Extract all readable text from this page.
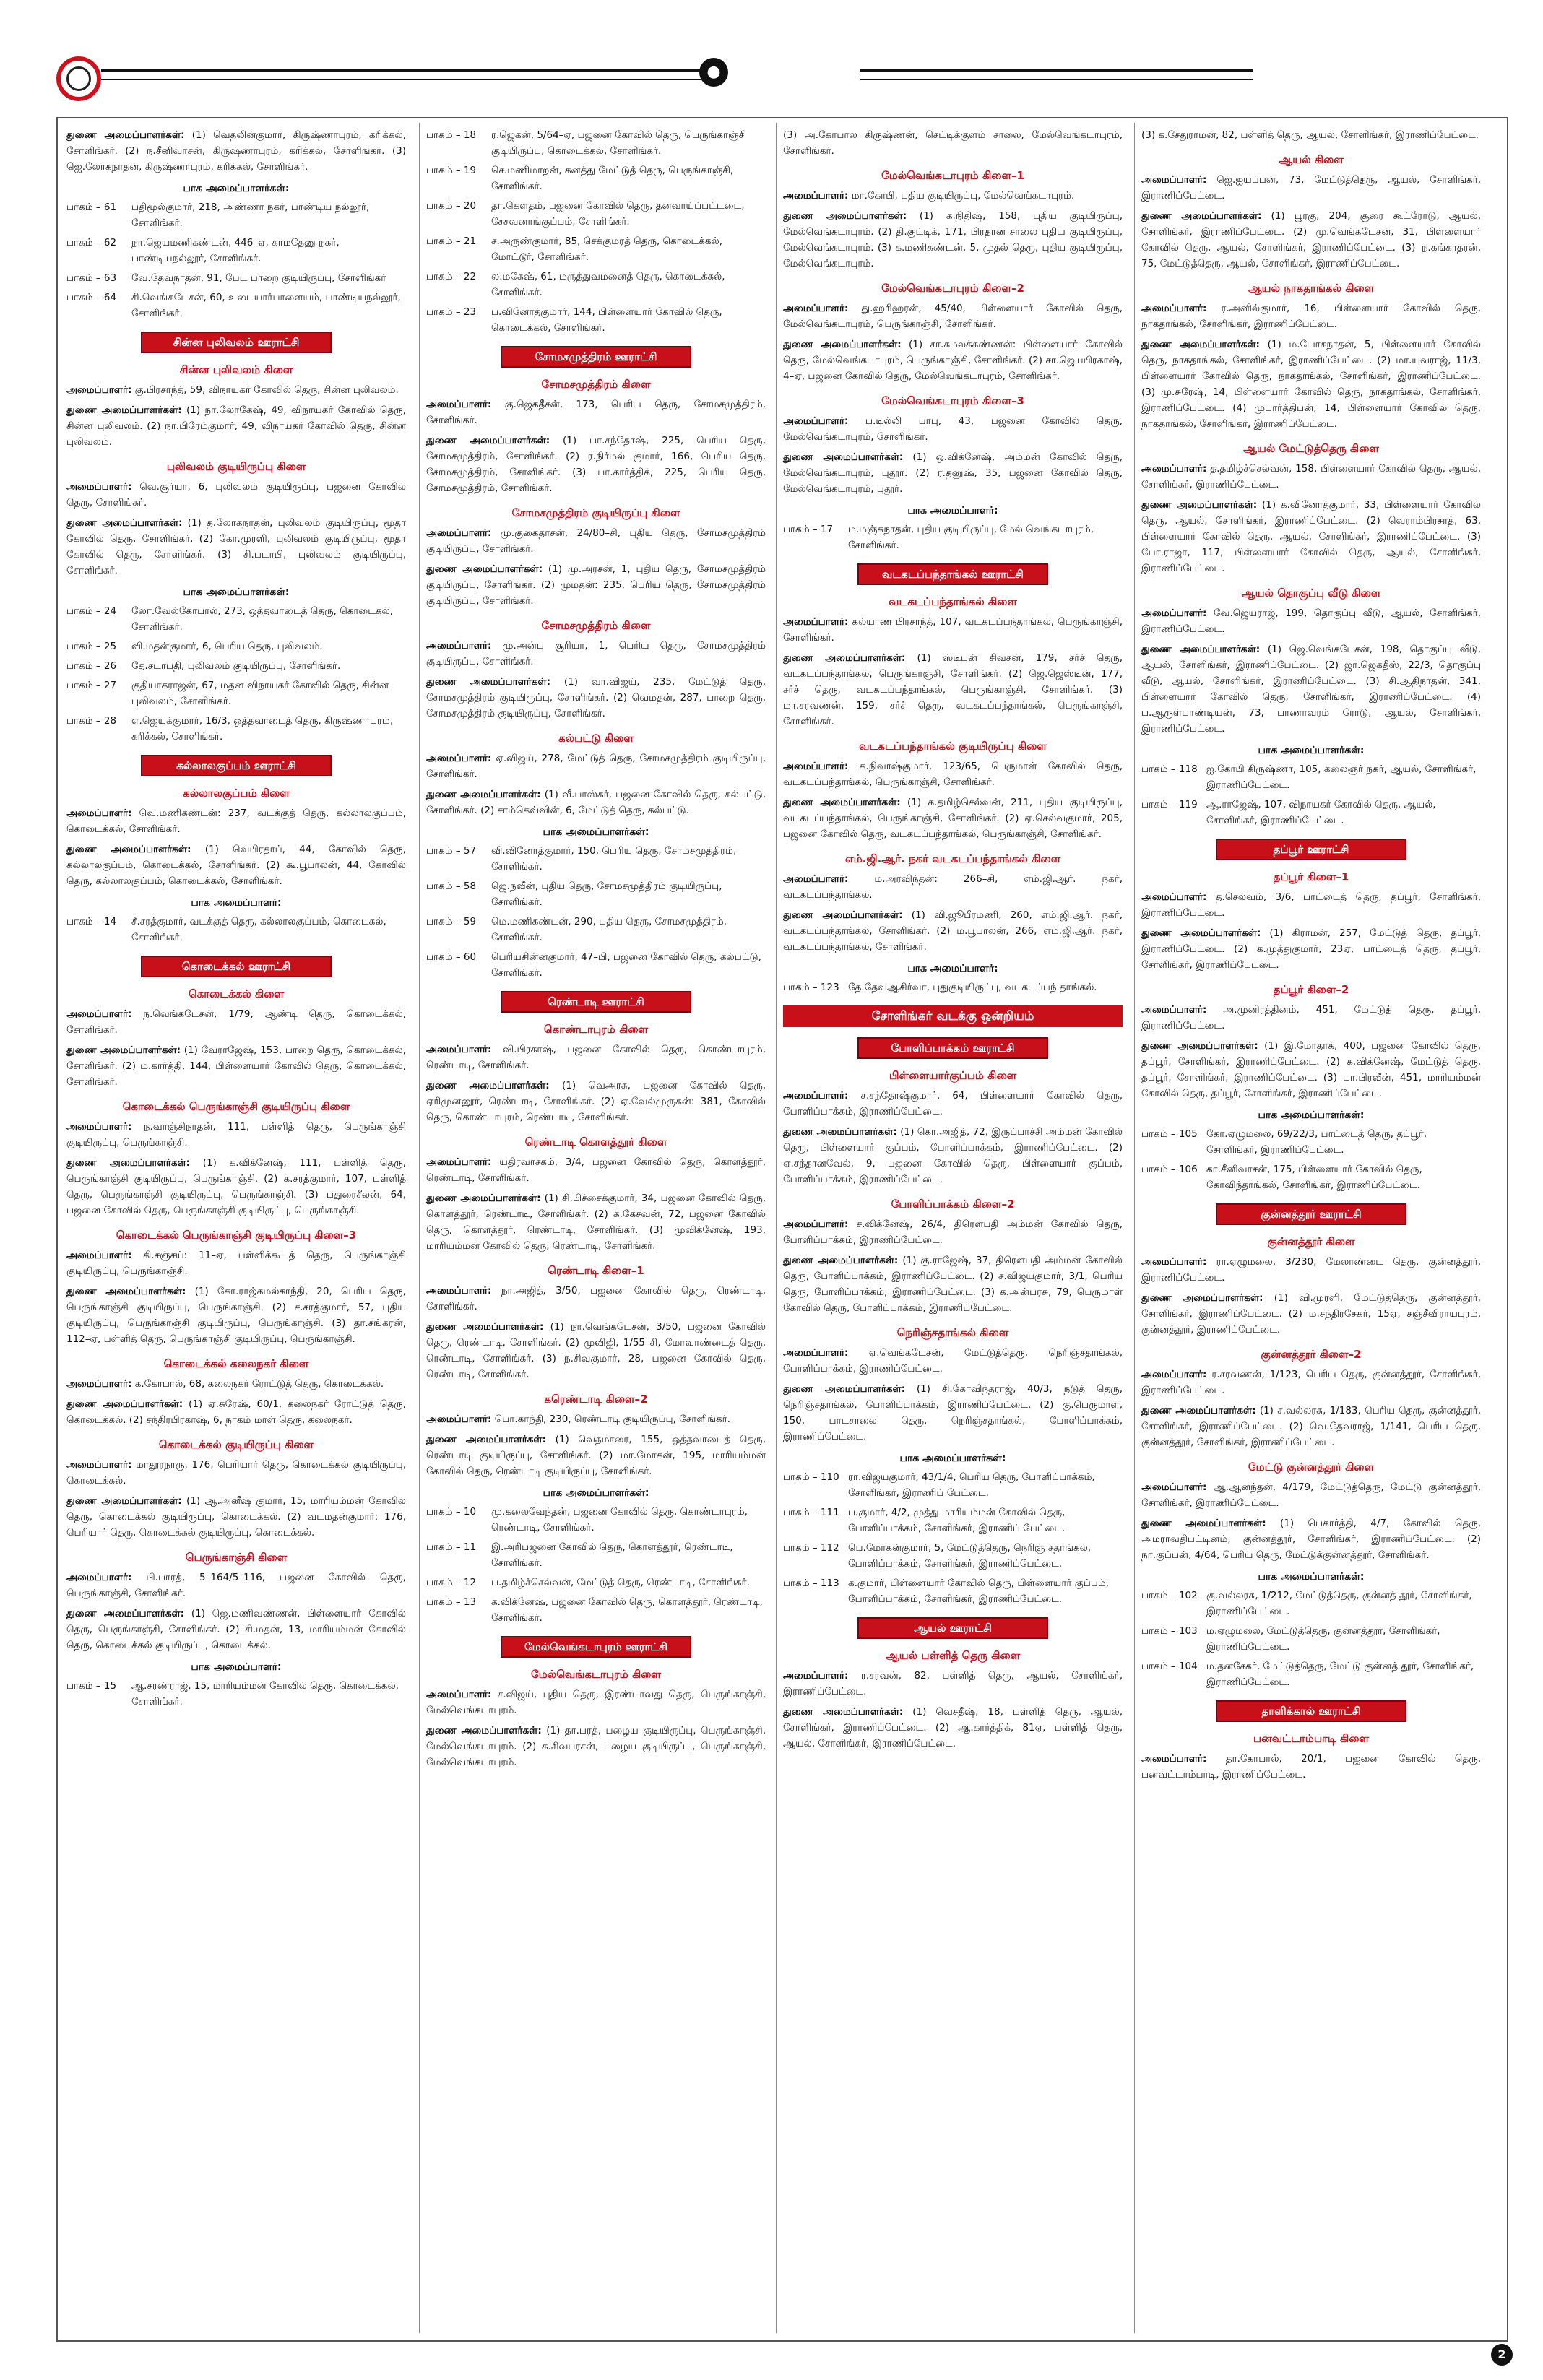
●
துணை அமைப்பாளர்கள்: (1) வெதலின்குமார், கிருஷ்ணாபுரம், கரிக்கல், சோளிங்கர். (2) ந.சீனிவாசன், கிருஷ்ணாபுரம், கரிக்கல், சோளிங்கர். (3) ஜெ.லோகநாதன், கிருஷ்ணாபுரம், கரிக்கல், சோளிங்கர்.
பாக அமைப்பாளர்கள்:
பாகம் – 61	பதிமூல்குமார், 218, அண்ணா நகர், பாண்டிய நல்லூர், சோளிங்கர்.
பாகம் – 62	நா.ஜெயமணிகண்டன், 446–ஏ, காமதேனு நகர், பாண்டியநல்லூர், சோளிங்கர்.
பாகம் – 63	வே.தேவநாதன், 91, பேட பாறை குடியிருப்பு, சோளிங்கர்
பாகம் – 64	சி.வெங்கடேசன், 60, உடையார்பாளையம், பாண்டியநல்லூர், சோளிங்கர்.
சின்ன புலிவலம் ஊராட்சி
சின்ன புலிவலம் கிளை
அமைப்பாளர்: கு.பிரசாந்த், 59, விநாயகர் கோவில் தெரு, சின்ன புலிவலம்.
துணை அமைப்பாளர்கள்: (1) நா.லோகேஷ், 49, விநாயகர் கோவில் தெரு, சின்ன புலிவலம். (2) நா.பிரேம்குமார், 49, விநாயகர் கோவில் தெரு, சின்ன புலிவலம்.
புலிவலம் குடியிருப்பு கிளை
அமைப்பாளர்: வெ.சூர்யா, 6, புலிவலம் குடியிருப்பு, பஜனை கோவில் தெரு, சோளிங்கர்.
துணை அமைப்பாளர்கள்: (1) த.லோகநாதன், புலிவலம் குடியிருப்பு, மூதா கோவில் தெரு, சோளிங்கர். (2) கோ.முரளி, புலிவலம் குடியிருப்பு, மூதா கோவில் தெரு, சோளிங்கர். (3) சி.படாபி, புலிவலம் குடியிருப்பு, சோளிங்கர்.
பாக அமைப்பாளர்கள்:
பாகம் – 24	லோ.வேல்கோபால், 273, ஒத்தவாடைத் தெரு, கொடைகல், சோளிங்கர்.
பாகம் – 25	வி.மதன்குமார், 6, பெரிய தெரு, புலிவலம்.
பாகம் – 26	தே.சடாபதி, புலிவலம் குடியிருப்பு, சோளிங்கர்.
பாகம் – 27	குதியாகராஜன், 67, மதன விநாயகர் கோவில் தெரு, சின்ன புலிவலம், சோளிங்கர்.
பாகம் – 28	எ.ஜெயக்குமார், 16/3, ஒத்தவாடைத் தெரு, கிருஷ்ணாபுரம், கரிக்கல், சோளிங்கர்.
கல்லாலகுப்பம் ஊராட்சி
கல்லாலகுப்பம் கிளை
அமைப்பாளர்: வெ.மணிகண்டன்: 237, வடக்குத் தெரு, கல்லாலகுப்பம், கொடைக்கல், சோளிங்கர்.
துணை அமைப்பாளர்கள்: (1) வெபிரதாப், 44, கோவில் தெரு, கல்லாலகுப்பம், கொடைக்கல், சோளிங்கர். (2) கூ.பூபாலன், 44, கோவில் தெரு, கல்லாலகுப்பம், கொடைக்கல், சோளிங்கர்.
பாக அமைப்பாளர்:
பாகம் – 14	சீ.சரத்குமார், வடக்குத் தெரு, கல்லாலகுப்பம், கொடைகல், சோளிங்கர்.
கொடைக்கல் ஊராட்சி
கொடைக்கல் கிளை
அமைப்பாளர்: ந.வெங்கடேசன், 1/79, ஆண்டி தெரு, கொடைக்கல், சோளிங்கர்.
துணை அமைப்பாளர்கள்: (1) வேராஜேஷ், 153, பாறை தெரு, கொடைக்கல், சோளிங்கர். (2) ம.கார்த்தி, 144, பிள்ளையார் கோவில் தெரு, கொடைக்கல், சோளிங்கர்.
கொடைக்கல் பெருங்காஞ்சி குடியிருப்பு கிளை
அமைப்பாளர்: ந.வாஞ்சிநாதன், 111, பள்ளித் தெரு, பெருங்காஞ்சி குடியிருப்பு, பெருங்காஞ்சி.
துணை அமைப்பாளர்கள்: (1) க.விக்னேஷ், 111, பள்ளித் தெரு, பெருங்காஞ்சி குடியிருப்பு, பெருங்காஞ்சி. (2) க.சரத்குமார், 107, பள்ளித் தெரு, பெருங்காஞ்சி குடியிருப்பு, பெருங்காஞ்சி. (3) பதுரைசீலன், 64, பஜனை கோவில் தெரு, பெருங்காஞ்சி குடியிருப்பு, பெருங்காஞ்சி.
கொடைக்கல் பெருங்காஞ்சி குடியிருப்பு கிளை–3
அமைப்பாளர்: கி.சஞ்சய்: 11–ஏ, பள்ளிக்கூடத் தெரு, பெருங்காஞ்சி குடியிருப்பு, பெருங்காஞ்சி.
துணை அமைப்பாளர்கள்: (1) கோ.ராஜ்கமல்காந்தி, 20, பெரிய தெரு, பெருங்காஞ்சி குடியிருப்பு, பெருங்காஞ்சி. (2) ச.சரத்குமார், 57, புதிய குடியிருப்பு, பெருங்காஞ்சி குடியிருப்பு, பெருங்காஞ்சி. (3) தா.சங்கரன், 112–ஏ, பள்ளித் தெரு, பெருங்காஞ்சி குடியிருப்பு, பெருங்காஞ்சி.
கொடைக்கல் கலைநகர் கிளை
அமைப்பாளர்: க.கோபால், 68, கலைநகர் ரோட்டுத் தெரு, கொடைக்கல்.
துணை அமைப்பாளர்கள்: (1) ஏ.சுரேஷ், 60/1, கலைநகர் ரோட்டுத் தெரு, கொடைக்கல். (2) சந்திரபிரகாஷ், 6, நாகம் மாள் தெரு, கலைநகர்.
கொடைக்கல் குடியிருப்பு கிளை
அமைப்பாளர்: மாதூரநாரு, 176, பெரியார் தெரு, கொடைக்கல் குடியிருப்பு, கொடைக்கல்.
துணை அமைப்பாளர்கள்: (1) ஆ.அனீஷ் குமார், 15, மாரியம்மன் கோவில் தெரு, கொடைக்கல் குடியிருப்பு, கொடைக்கல். (2) வடமதன்குமார்: 176, பெரியார் தெரு, கொடைக்கல் குடியிருப்பு, கொடைக்கல்.
பெருங்காஞ்சி கிளை
அமைப்பாளர்: பி.பாரத், 5–164/5–116, பஜனை கோவில் தெரு, பெருங்காஞ்சி, சோளிங்கர்.
துணை அமைப்பாளர்கள்: (1) ஜெ.மணிவண்ணன், பிள்ளையார் கோவில் தெரு, பெருங்காஞ்சி, சோளிங்கர். (2) சி.மதன், 13, மாரியம்மன் கோவில் தெரு, கொடைக்கல் குடியிருப்பு, கொடைக்கல்.
பாக அமைப்பாளர்:
பாகம் – 15	ஆ.சரண்ராஜ், 15, மாரியம்மன் கோவில் தெரு, கொடைக்கல், சோளிங்கர்.
பாகம் – 18	ர.ஜெகன், 5/64–ஏ, பஜனை கோவில் தெரு, பெருங்காஞ்சி குடியிருப்பு, கொடைக்கல், சோளிங்கர்.
பாகம் – 19	செ.மணிமாறன், கனத்து மேட்டுத் தெரு, பெருங்காஞ்சி, சோளிங்கர்.
பாகம் – 20	தா.கௌதம், பஜனை கோவில் தெரு, தனவாய்ப்பட்டடை, சேசவனாங்குப்பம், சோளிங்கர்.
பாகம் – 21	ச.அருண்குமார், 85, செக்குமரத் தெரு, கொடைக்கல், மோட்டூர், சோளிங்கர்.
பாகம் – 22	ல.மகேஷ், 61, மருத்துவமனைத் தெரு, கொடைக்கல், சோளிங்கர்.
பாகம் – 23	ப.வினோத்குமார், 144, பிள்ளையார் கோவில் தெரு, கொடைக்கல், சோளிங்கர்.
சோமசமுத்திரம் ஊராட்சி
சோமசமுத்திரம் கிளை
அமைப்பாளர்: கு.ஜெகதீசன், 173, பெரிய தெரு, சோமசமுத்திரம், சோளிங்கர்.
துணை அமைப்பாளர்கள்: (1) பா.சந்தோஷ், 225, பெரிய தெரு, சோமசமுத்திரம், சோளிங்கர். (2) ர.நிர்மல் குமார், 166, பெரிய தெரு, சோமசமுத்திரம், சோளிங்கர். (3) பா.கார்த்திக், 225, பெரிய தெரு, சோமசமுத்திரம், சோளிங்கர்.
சோமசமுத்திரம் குடியிருப்பு கிளை
அமைப்பாளர்: மு.குகைதாசன், 24/80–சி, புதிய தெரு, சோமசமுத்திரம் குடியிருப்பு, சோளிங்கர்.
துணை அமைப்பாளர்கள்: (1) மு.அரசன், 1, புதிய தெரு, சோமசமுத்திரம் குடியிருப்பு, சோளிங்கர். (2) முமதன்: 235, பெரிய தெரு, சோமசமுத்திரம் குடியிருப்பு, சோளிங்கர்.
சோமசமுத்திரம் கிளை
அமைப்பாளர்: மு.அன்பு சூரியா, 1, பெரிய தெரு, சோமசமுத்திரம் குடியிருப்பு, சோளிங்கர்.
துணை அமைப்பாளர்கள்: (1) வா.விஜய், 235, மேட்டுத் தெரு, சோமசமுத்திரம் குடியிருப்பு, சோளிங்கர். (2) வெமதன், 287, பாறை தெரு, சோமசமுத்திரம் குடியிருப்பு, சோளிங்கர்.
கல்பட்டு கிளை
அமைப்பாளர்: ஏ.விஜய், 278, மேட்டுத் தெரு, சோமசமுத்திரம் குடியிருப்பு, சோளிங்கர்.
துணை அமைப்பாளர்கள்: (1) வீ.பாஸ்கர், பஜனை கோவில் தெரு, கல்பட்டு, சோளிங்கர். (2) சாம்கெவ்வின், 6, மேட்டுத் தெரு, கல்பட்டு.
பாக அமைப்பாளர்கள்:
பாகம் – 57	வி.வினோத்குமார், 150, பெரிய தெரு, சோமசமுத்திரம், சோளிங்கர்.
பாகம் – 58	ஜெ.நவீன், புதிய தெரு, சோமசமுத்திரம் குடியிருப்பு, சோளிங்கர்.
பாகம் – 59	மெ.மணிகண்டன், 290, புதிய தெரு, சோமசமுத்திரம், சோளிங்கர்.
பாகம் – 60	பெரியசின்னகுமார், 47–பி, பஜனை கோவில் தெரு, கல்பட்டு, சோளிங்கர்.
ரெண்டாடி ஊராட்சி
கொண்டாபுரம் கிளை
அமைப்பாளர்: வி.பிரகாஷ், பஜனை கோவில் தெரு, கொண்டாபுரம், ரெண்டாடி, சோளிங்கர்.
துணை அமைப்பாளர்கள்: (1) வெஅரசு, பஜனை கோவில் தெரு, ஏரிமுனனூர், ரெண்டாடி, சோளிங்கர். (2) ஏ.வேல்முருகன்: 381, கோவில் தெரு, கொண்டாபுரம், ரெண்டாடி, சோளிங்கர்.
ரெண்டாடி கொளத்தூர் கிளை
அமைப்பாளர்: யதிரவாசகம், 3/4, பஜனை கோவில் தெரு, கொளத்தூர், ரெண்டாடி, சோளிங்கர்.
துணை அமைப்பாளர்கள்: (1) சி.பிச்சைக்குமார், 34, பஜனை கோவில் தெரு, கொளத்தூர், ரெண்டாடி, சோளிங்கர். (2) க.கேசவன், 72, பஜனை கோவில் தெரு, கொளத்தூர், ரெண்டாடி, சோளிங்கர். (3) முவிக்னேஷ், 193, மாரியம்மன் கோவில் தெரு, ரெண்டாடி, சோளிங்கர்.
ரெண்டாடி கிளை–1
அமைப்பாளர்: நா.அஜித், 3/50, பஜனை கோவில் தெரு, ரெண்டாடி, சோளிங்கர்.
துணை அமைப்பாளர்கள்: (1) நா.வெங்கடேசன், 3/50, பஜனை கோவில் தெரு, ரெண்டாடி, சோளிங்கர். (2) முவிஜி, 1/55–சி, மோவாண்டைத் தெரு, ரெண்டாடி, சோளிங்கர். (3) ந.சிவகுமார், 28, பஜனை கோவில் தெரு, ரெண்டாடி, சோளிங்கர்.
கரெண்டாடி கிளை–2
அமைப்பாளர்: பொ.காந்தி, 230, ரெண்டாடி குடியிருப்பு, சோளிங்கர்.
துணை அமைப்பாளர்கள்: (1) வெதமாரை, 155, ஒத்தவாடைத் தெரு, ரெண்டாடி குடியிருப்பு, சோளிங்கர். (2) மா.மோகன், 195, மாரியம்மன் கோவில் தெரு, ரெண்டாடி குடியிருப்பு, சோளிங்கர்.
பாக அமைப்பாளர்கள்:
பாகம் – 10	மு.கலைவேந்தன், பஜனை கோவில் தெரு, கொண்டாபுரம், ரெண்டாடி, சோளிங்கர்.
பாகம் – 11	இ.அரிபஜனை கோவில் தெரு, கொளத்தூர், ரெண்டாடி, சோளிங்கர்.
பாகம் – 12	ப.தமிழ்ச்செல்வன், மேட்டுத் தெரு, ரெண்டாடி, சோளிங்கர்.
பாகம் – 13	க.விக்னேஷ், பஜனை கோவில் தெரு, கொளத்தூர், ரெண்டாடி, சோளிங்கர்.
மேல்வெங்கடாபுரம் ஊராட்சி
மேல்வெங்கடாபுரம் கிளை
அமைப்பாளர்: ச.விஜய், புதிய தெரு, இரண்டாவது தெரு, பெருங்காஞ்சி, மேல்வெங்கடாபுரம்.
துணை அமைப்பாளர்கள்: (1) தா.பரத், பழைய குடியிருப்பு, பெருங்காஞ்சி, மேல்வெங்கடாபுரம். (2) க.சிவபரசன், பழைய குடியிருப்பு, பெருங்காஞ்சி, மேல்வெங்கடாபுரம்.
(3) அ.கோபால கிருஷ்ணன், செட்டிக்குளம் சாலை, மேல்வெங்கடாபுரம், சோளிங்கர்.
மேல்வெங்கடாபுரம் கிளை–1
அமைப்பாளர்: மா.கோபி, புதிய குடியிருப்பு, மேல்வெங்கடாபுரம்.
துணை அமைப்பாளர்கள்: (1) க.நிதிஷ், 158, புதிய குடியிருப்பு, மேல்வெங்கடாபுரம். (2) தி.குட்டிக், 171, பிரதான சாலை புதிய குடியிருப்பு, மேல்வெங்கடாபுரம். (3) க.மணிகண்டன், 5, முதல் தெரு, புதிய குடியிருப்பு, மேல்வெங்கடாபுரம்.
மேல்வெங்கடாபுரம் கிளை–2
அமைப்பாளர்: து.ஹரிஹரன், 45/40, பிள்ளையார் கோவில் தெரு, மேல்வெங்கடாபுரம், பெருங்காஞ்சி, சோளிங்கர்.
துணை அமைப்பாளர்கள்: (1) சா.கமலக்கண்ணன்: பிள்ளையார் கோவில் தெரு, மேல்வெங்கடாபுரம், பெருங்காஞ்சி, சோளிங்கர். (2) சா.ஜெயபிரகாஷ், 4–ஏ, பஜனை கோவில் தெரு, மேல்வெங்கடாபுரம், சோளிங்கர்.
மேல்வெங்கடாபுரம் கிளை–3
அமைப்பாளர்: ப.டில்லி பாபு, 43, பஜனை கோவில் தெரு, மேல்வெங்கடாபுரம், சோளிங்கர்.
துணை அமைப்பாளர்கள்: (1) ஒ.விக்னேஷ், அம்மன் கோவில் தெரு, மேல்வெங்கடாபுரம், புதூர். (2) ர.தனுஷ், 35, பஜனை கோவில் தெரு, மேல்வெங்கடாபுரம், புதூர்.
பாக அமைப்பாளர்:
பாகம் – 17	ம.மஞ்சுநாதன், புதிய குடியிருப்பு, மேல் வெங்கடாபுரம், சோளிங்கர்.
வடகடப்பந்தாங்கல் ஊராட்சி
வடகடப்பந்தாங்கல் கிளை
அமைப்பாளர்: கல்யாண பிரசாந்த், 107, வடகடப்பந்தாங்கல், பெருங்காஞ்சி, சோளிங்கர்.
துணை அமைப்பாளர்கள்: (1) ஸ்டீபன் சிவசன், 179, சர்ச் தெரு, வடகடப்பந்தாங்கல், பெருங்காஞ்சி, சோளிங்கர். (2) ஜெ.ஜெஸ்டின், 177, சர்ச் தெரு, வடகடப்பந்தாங்கல், பெருங்காஞ்சி, சோளிங்கர். (3) மா.சரவணன், 159, சர்ச் தெரு, வடகடப்பந்தாங்கல், பெருங்காஞ்சி, சோளிங்கர்.
வடகடப்பந்தாங்கல் குடியிருப்பு கிளை
அமைப்பாளர்: க.நிவாஷ்குமார், 123/65, பெருமாள் கோவில் தெரு, வடகடப்பந்தாங்கல், பெருங்காஞ்சி, சோளிங்கர்.
துணை அமைப்பாளர்கள்: (1) க.தமிழ்செல்வன், 211, புதிய குடியிருப்பு, வடகடப்பந்தாங்கல், பெருங்காஞ்சி, சோளிங்கர். (2) ஏ.செல்வகுமார், 205, பஜனை கோவில் தெரு, வடகடப்பந்தாங்கல், பெருங்காஞ்சி, சோளிங்கர்.
எம்.ஜி.ஆர். நகர் வடகடப்பந்தாங்கல் கிளை
அமைப்பாளர்: ம.அரவிந்தன்: 266–சி, எம்.ஜி.ஆர். நகர், வடகடப்பந்தாங்கல்.
துணை அமைப்பாளர்கள்: (1) வி.ஜூபீரமணி, 260, எம்.ஜி.ஆர். நகர், வடகடப்பந்தாங்கல், சோளிங்கர். (2) ம.பூபாலன், 266, எம்.ஜி.ஆர். நகர், வடகடப்பந்தாங்கல், சோளிங்கர்.
பாக அமைப்பாளர்:
பாகம் – 123 தே.தேவஆசிர்வா, புதுகுடியிருப்பு, வடகடப்பந் தாங்கல்.
சோளிங்கர் வடக்கு ஒன்றியம்
போளிப்பாக்கம் ஊராட்சி
பிள்ளையார்குப்பம் கிளை
அமைப்பாளர்: ச.சந்தோஷ்குமார், 64, பிள்ளையார் கோவில் தெரு, போளிப்பாக்கம், இராணிப்பேட்டை.
துணை அமைப்பாளர்கள்: (1) கொ.அஜித், 72, இருப்பாச்சி அம்மன் கோவில் தெரு, பிள்ளையார் குப்பம், போளிப்பாக்கம், இராணிப்பேட்டை. (2) ஏ.சந்தானவேல், 9, பஜனை கோவில் தெரு, பிள்ளையார் குப்பம், போளிப்பாக்கம், இராணிப்பேட்டை.
போளிப்பாக்கம் கிளை–2
அமைப்பாளர்: ச.விக்னேஷ், 26/4, திரௌபதி அம்மன் கோவில் தெரு, போளிப்பாக்கம், இராணிப்பேட்டை.
துணை அமைப்பாளர்கள்: (1) கு.ராஜேஷ், 37, திரௌபதி அம்மன் கோவில் தெரு, போளிப்பாக்கம், இராணிப்பேட்டை. (2) ச.விஜயகுமார், 3/1, பெரிய தெரு, போளிப்பாக்கம், இராணிப்பேட்டை. (3) க.அன்பரசு, 79, பெருமாள் கோவில் தெரு, போளிப்பாக்கம், இராணிப்பேட்டை.
நெரிஞ்சதாங்கல் கிளை
அமைப்பாளர்: ஏ.வெங்கடேசன், மேட்டுத்தெரு, நெரிஞ்சதாங்கல், போளிப்பாக்கம், இராணிப்பேட்டை.
துணை அமைப்பாளர்கள்: (1) சி.கோவிந்தராஜ், 40/3, நடுத் தெரு, நெரிஞ்சதாங்கல், போளிப்பாக்கம், இராணிப்பேட்டை. (2) கு.பெருமாள், 150, பாடசாலை தெரு, நெரிஞ்சதாங்கல், போளிப்பாக்கம், இராணிப்பேட்டை.
பாக அமைப்பாளர்கள்:
பாகம் – 110 ரா.விஜயகுமார், 43/1/4, பெரிய தெரு, போளிப்பாக்கம், சோளிங்கர், இராணிப் பேட்டை.
பாகம் – 111 ப.குமார், 4/2, முத்து மாரியம்மன் கோவில் தெரு, போளிப்பாக்கம், சோளிங்கர், இராணிப் பேட்டை.
பாகம் – 112 பெ.மோகன்குமார், 5, மேட்டுத்தெரு, நெரிஞ் சதாங்கல், போளிப்பாக்கம், சோளிங்கர், இராணிப்பேட்டை.
பாகம் – 113 க.குமார், பிள்ளையார் கோவில் தெரு, பிள்ளையார் குப்பம், போளிப்பாக்கம், சோளிங்கர், இராணிப்பேட்டை.
ஆயல் ஊராட்சி
ஆயல் பள்ளித் தெரு கிளை
அமைப்பாளர்: ர.சரவன், 82, பள்ளித் தெரு, ஆயல், சோளிங்கர், இராணிப்பேட்டை.
துணை அமைப்பாளர்கள்: (1) வெசதீஷ், 18, பள்ளித் தெரு, ஆயல், சோளிங்கர், இராணிப்பேட்டை. (2) ஆ.கார்த்திக், 81ஏ, பள்ளித் தெரு, ஆயல், சோளிங்கர், இராணிப்பேட்டை.
(3) க.சேதுராமன், 82, பள்ளித் தெரு, ஆயல், சோளிங்கர், இராணிப்பேட்டை.
ஆயல் கிளை
அமைப்பாளர்: ஜெ.ஐயப்பன், 73, மேட்டுத்தெரு, ஆயல், சோளிங்கர், இராணிப்பேட்டை.
துணை அமைப்பாளர்கள்: (1) பூரகு, 204, சூரை கூட்ரோடு, ஆயல், சோளிங்கர், இராணிப்பேட்டை. (2) மு.வெங்கடேசன், 31, பிள்ளையார் கோவில் தெரு, ஆயல், சோளிங்கர், இராணிப்பேட்டை. (3) ந.கங்காதரன், 75, மேட்டுத்தெரு, ஆயல், சோளிங்கர், இராணிப்பேட்டை.
ஆயல் நாகதாங்கல் கிளை
அமைப்பாளர்: ர.அனில்குமார், 16, பிள்ளையார் கோவில் தெரு, நாகதாங்கல், சோளிங்கர், இராணிப்பேட்டை.
துணை அமைப்பாளர்கள்: (1) ம.யோகநாதன், 5, பிள்ளையார் கோவில் தெரு, நாகதாங்கல், சோளிங்கர், இராணிப்பேட்டை. (2) மா.யுவராஜ், 11/3, பிள்ளையார் கோவில் தெரு, நாகதாங்கல், சோளிங்கர், இராணிப்பேட்டை. (3) மு.சுரேஷ், 14, பிள்ளையார் கோவில் தெரு, நாகதாங்கல், சோளிங்கர், இராணிப்பேட்டை. (4) முபார்த்திபன், 14, பிள்ளையார் கோவில் தெரு, நாகதாங்கல், சோளிங்கர், இராணிப்பேட்டை.
ஆயல் மேட்டுத்தெரு கிளை
அமைப்பாளர்: த.தமிழ்ச்செல்வன், 158, பிள்ளையார் கோவில் தெரு, ஆயல், சோளிங்கர், இராணிப்பேட்டை.
துணை அமைப்பாளர்கள்: (1) க.வினோத்குமார், 33, பிள்ளையார் கோவில் தெரு, ஆயல், சோளிங்கர், இராணிப்பேட்டை. (2) வெராம்பிரசாத், 63, பிள்ளையார் கோவில் தெரு, ஆயல், சோளிங்கர், இராணிப்பேட்டை. (3) போ.ராஜா, 117, பிள்ளையார் கோவில் தெரு, ஆயல், சோளிங்கர், இராணிப்பேட்டை.
ஆயல் தொகுப்பு வீடு கிளை
அமைப்பாளர்: வே.ஜெயராஜ், 199, தொகுப்பு வீடு, ஆயல், சோளிங்கர், இராணிப்பேட்டை.
துணை அமைப்பாளர்கள்: (1) ஜெ.வெங்கடேசன், 198, தொகுப்பு வீடு, ஆயல், சோளிங்கர், இராணிப்பேட்டை. (2) ஜா.ஜெகதீஸ், 22/3, தொகுப்பு வீடு, ஆயல், சோளிங்கர், இராணிப்பேட்டை. (3) சி.ஆதிநாதன், 341, பிள்ளையார் கோவில் தெரு, சோளிங்கர், இராணிப்பேட்டை. (4) ப.ஆருள்பாண்டியன், 73, பாணாவரம் ரோடு, ஆயல், சோளிங்கர், இராணிப்பேட்டை.
பாக அமைப்பாளர்கள்:
பாகம் – 118 ஐ.கோபி கிருஷ்ணா, 105, கலைஞர் நகர், ஆயல், சோளிங்கர், இராணிப்பேட்டை.
பாகம் – 119 ஆ.ராஜேஷ், 107, விநாயகர் கோவில் தெரு, ஆயல், சோளிங்கர், இராணிப்பேட்டை.
தப்பூர் ஊராட்சி
தப்பூர் கிளை–1
அமைப்பாளர்: த.செல்வம், 3/6, பாட்டைத் தெரு, தப்பூர், சோளிங்கர், இராணிப்பேட்டை.
துணை அமைப்பாளர்கள்: (1) கிராமன், 257, மேட்டுத் தெரு, தப்பூர், இராணிப்பேட்டை. (2) க.முத்துகுமார், 23ஏ, பாட்டைத் தெரு, தப்பூர், சோளிங்கர், இராணிப்பேட்டை.
தப்பூர் கிளை–2
அமைப்பாளர்: அ.முனிரத்தினம், 451, மேட்டுத் தெரு, தப்பூர், இராணிப்பேட்டை.
துணை அமைப்பாளர்கள்: (1) இ.மோதாக், 400, பஜனை கோவில் தெரு, தப்பூர், சோளிங்கர், இராணிப்பேட்டை. (2) க.விக்னேஷ், மேட்டுத் தெரு, தப்பூர், சோளிங்கர், இராணிப்பேட்டை. (3) பா.பிரவீன், 451, மாரியம்மன் கோவில் தெரு, தப்பூர், சோளிங்கர், இராணிப்பேட்டை.
பாக அமைப்பாளர்கள்:
பாகம் – 105 கோ.ஏழுமலை, 69/22/3, பாட்டைத் தெரு, தப்பூர், சோளிங்கர், இராணிப்பேட்டை.
பாகம் – 106 கா.சீனிவாசன், 175, பிள்ளையார் கோவில் தெரு, கோவிந்தாங்கல், சோளிங்கர், இராணிப்பேட்டை.
குன்னத்தூர் ஊராட்சி
குன்னத்தூர் கிளை
அமைப்பாளர்: ரா.ஏழுமலை, 3/230, மேலாண்டை தெரு, குன்னத்தூர், இராணிப்பேட்டை.
துணை அமைப்பாளர்கள்: (1) வி.முரளி, மேட்டுத்தெரு, குன்னத்தூர், சோளிங்கர், இராணிப்பேட்டை. (2) ம.சந்திரசேகர், 15ஏ, சஞ்சீவிராயபுரம், குன்னத்தூர், இராணிப்பேட்டை.
குன்னத்தூர் கிளை–2
அமைப்பாளர்: ர.சரவணன், 1/123, பெரிய தெரு, குன்னத்தூர், சோளிங்கர், இராணிப்பேட்டை.
துணை அமைப்பாளர்கள்: (1) ச.வல்லரசு, 1/183, பெரிய தெரு, குன்னத்தூர், சோளிங்கர், இராணிப்பேட்டை. (2) வெ.தேவராஜ், 1/141, பெரிய தெரு, குன்னத்தூர், சோளிங்கர், இராணிப்பேட்டை.
மேட்டு குன்னத்தூர் கிளை
அமைப்பாளர்: ஆ.ஆனந்தன், 4/179, மேட்டுத்தெரு, மேட்டு குன்னத்தூர், சோளிங்கர், இராணிப்பேட்டை.
துணை அமைப்பாளர்கள்: (1) பெகார்த்தி, 4/7, கோவில் தெரு, அமராவதிபட்டினம், குன்னத்தூர், சோளிங்கர், இராணிப்பேட்டை. (2) நா.குப்பன், 4/64, பெரிய தெரு, மேட்டுக்குன்னத்தூர், சோளிங்கர்.
பாக அமைப்பாளர்கள்:
பாகம் – 102 கு.வல்லரசு, 1/212, மேட்டுத்தெரு, குன்னத் தூர், சோளிங்கர், இராணிப்பேட்டை.
பாகம் – 103 ம.ஏழுமலை, மேட்டுத்தெரு, குன்னத்தூர், சோளிங்கர், இராணிப்பேட்டை.
பாகம் – 104 ம.தனசேகர், மேட்டுத்தெரு, மேட்டு குன்னத் தூர், சோளிங்கர், இராணிப்பேட்டை.
தாளிக்கால் ஊராட்சி
பனவட்டாம்பாடி கிளை
அமைப்பாளர்: தா.கோபால், 20/1, பஜனை கோவில் தெரு, பனவட்டாம்பாடி, இராணிப்பேட்டை.
2
